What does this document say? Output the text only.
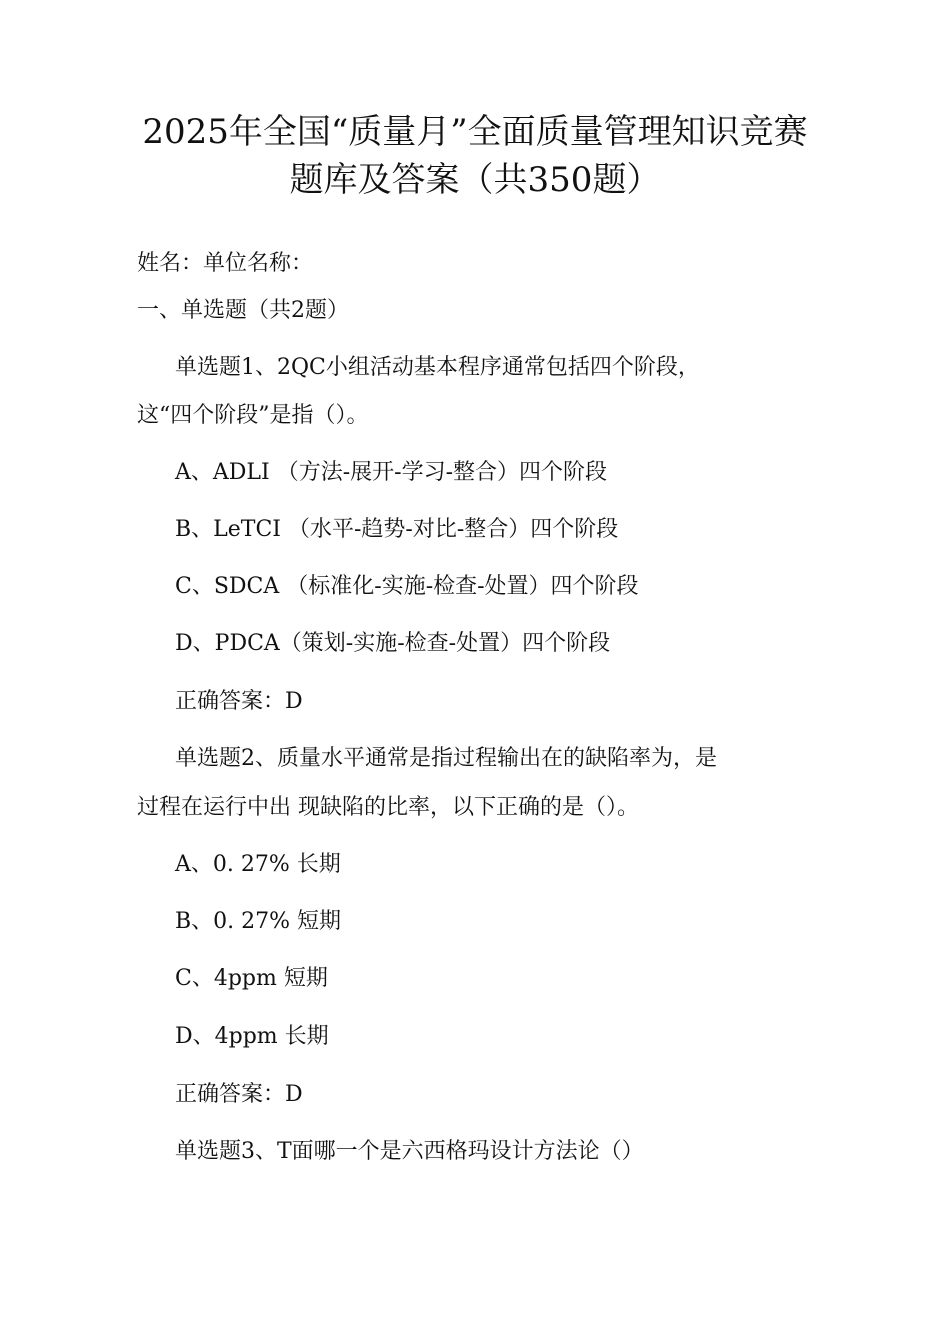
2025年全国“质量月”全面质量管理知识竞赛
题库及答案（共350题）
姓名：单位名称：
一、单选题（共2题）
单选题1、2QC小组活动基本程序通常包括四个阶段，
这“四个阶段”是指（）。
A、ADLI （方法-展开-学习-整合）四个阶段
B、LeTCI （水平-趋势-对比-整合）四个阶段
C、SDCA （标准化-实施-检查-处置）四个阶段
D、PDCA（策划-实施-检查-处置）四个阶段
正确答案：D
单选题2、质量水平通常是指过程输出在的缺陷率为，是
过程在运行中出 现缺陷的比率，以下正确的是（）。
A、0. 27% 长期
B、0. 27% 短期
C、4ppm 短期
D、4ppm 长期
正确答案：D
单选题3、T面哪一个是六西格玛设计方法论（）
